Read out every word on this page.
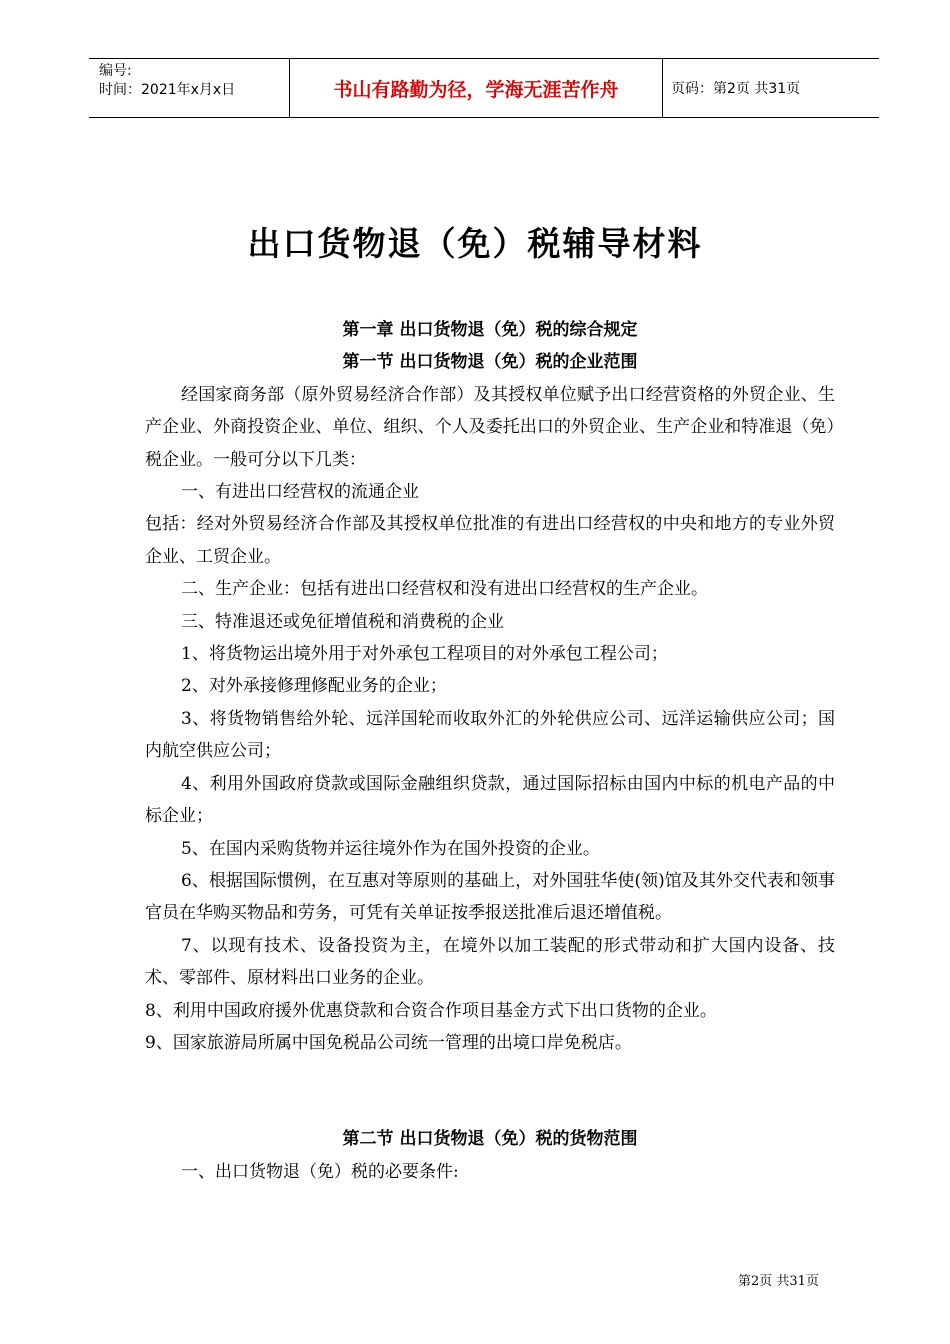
编号:
时间：2021年x月x日	书山有路勤为径，学海无涯苦作舟	页码：第2页 共31页
出口货物退（免）税辅导材料

第一章 出口货物退（免）税的综合规定

第一节 出口货物退（免）税的企业范围

经国家商务部（原外贸易经济合作部）及其授权单位赋予出口经营资格的外贸企业、生产企业、外商投资企业、单位、组织、个人及委托出口的外贸企业、生产企业和特准退（免）税企业。一般可分以下几类：

一、有进出口经营权的流通企业

包括：经对外贸易经济合作部及其授权单位批准的有进出口经营权的中央和地方的专业外贸企业、工贸企业。

二、生产企业：包括有进出口经营权和没有进出口经营权的生产企业。

三、特准退还或免征增值税和消费税的企业

1、将货物运出境外用于对外承包工程项目的对外承包工程公司；

2、对外承接修理修配业务的企业；

3、将货物销售给外轮、远洋国轮而收取外汇的外轮供应公司、远洋运输供应公司；国内航空供应公司；

4、利用外国政府贷款或国际金融组织贷款，通过国际招标由国内中标的机电产品的中标企业；

5、在国内采购货物并运往境外作为在国外投资的企业。

6、根据国际惯例，在互惠对等原则的基础上，对外国驻华使(领)馆及其外交代表和领事官员在华购买物品和劳务，可凭有关单证按季报送批准后退还增值税。

7、以现有技术、设备投资为主，在境外以加工装配的形式带动和扩大国内设备、技术、零部件、原材料出口业务的企业。

8、利用中国政府援外优惠贷款和合资合作项目基金方式下出口货物的企业。

9、国家旅游局所属中国免税品公司统一管理的出境口岸免税店。

第二节 出口货物退（免）税的货物范围

一、出口货物退（免）税的必要条件:

第2页 共31页
